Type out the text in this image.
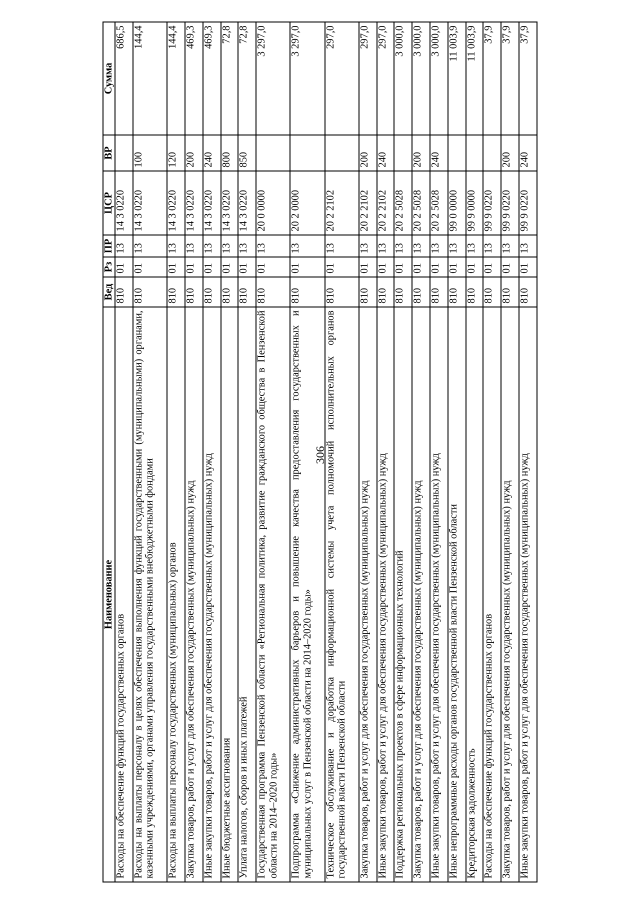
306
Наименование	Вед	Рз	ПР	ЦСР	ВР	Сумма
Расходы на обеспечение функций государственных органов	810	01	13	14 3 0220		686,5
Расходы на выплаты персоналу в целях обеспечения выполнения функций государственными (муниципальными) органами, казенными учреждениями, органами управления государственными внебюджетными фондами	810	01	13	14 3 0220	100	144,4
Расходы на выплаты персоналу государственных (муниципальных) органов	810	01	13	14 3 0220	120	144,4
Закупка товаров, работ и услуг для обеспечения государственных (муниципальных) нужд	810	01	13	14 3 0220	200	469,3
Иные закупки товаров, работ и услуг для обеспечения государственных (муниципальных) нужд	810	01	13	14 3 0220	240	469,3
Иные бюджетные ассигнования	810	01	13	14 3 0220	800	72,8
Уплата налогов, сборов и иных платежей	810	01	13	14 3 0220	850	72,8
Государственная программа Пензенской области «Региональная политика, развитие гражданского общества в Пензенской области на 2014–2020 годы»	810	01	13	20 0 0000		3 297,0
Подпрограмма «Снижение административных барьеров и повышение качества предоставления государственных и муниципальных услуг в Пензенской области на 2014–2020 годы»	810	01	13	20 2 0000		3 297,0
Техническое обслуживание и доработка информационной системы учета полномочий исполнительных органов государственной власти Пензенской области	810	01	13	20 2 2102		297,0
Закупка товаров, работ и услуг для обеспечения государственных (муниципальных) нужд	810	01	13	20 2 2102	200	297,0
Иные закупки товаров, работ и услуг для обеспечения государственных (муниципальных) нужд	810	01	13	20 2 2102	240	297,0
Поддержка региональных проектов в сфере информационных технологий	810	01	13	20 2 5028		3 000,0
Закупка товаров, работ и услуг для обеспечения государственных (муниципальных) нужд	810	01	13	20 2 5028	200	3 000,0
Иные закупки товаров, работ и услуг для обеспечения государственных (муниципальных) нужд	810	01	13	20 2 5028	240	3 000,0
Иные непрограммные расходы органов государственной власти Пензенской области	810	01	13	99 0 0000		11 003,9
Кредиторская задолженность	810	01	13	99 9 0000		11 003,9
Расходы на обеспечение функций государственных органов	810	01	13	99 9 0220		37,9
Закупка товаров, работ и услуг для обеспечения государственных (муниципальных) нужд	810	01	13	99 9 0220	200	37,9
Иные закупки товаров, работ и услуг для обеспечения государственных (муниципальных) нужд	810	01	13	99 9 0220	240	37,9
